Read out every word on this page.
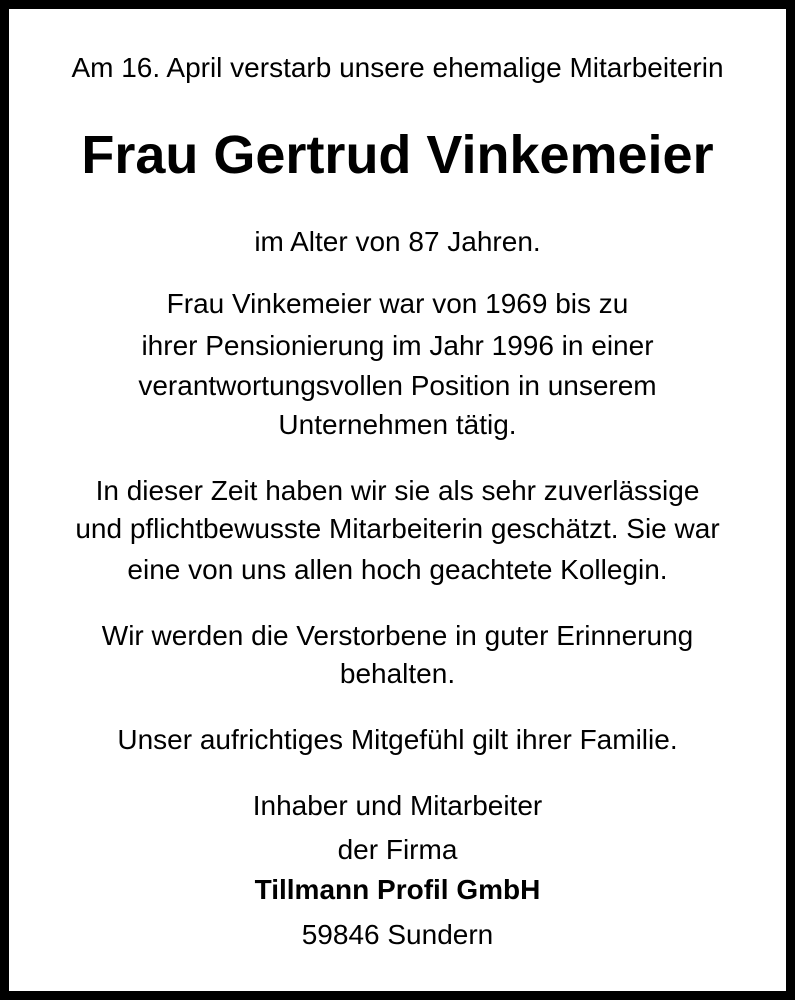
Am 16. April verstarb unsere ehemalige Mitarbeiterin
Frau Gertrud Vinkemeier
im Alter von 87 Jahren.
Frau Vinkemeier war von 1969 bis zu
ihrer Pensionierung im Jahr 1996 in einer
verantwortungsvollen Position in unserem
Unternehmen tätig.
In dieser Zeit haben wir sie als sehr zuverlässige
und pflichtbewusste Mitarbeiterin geschätzt. Sie war
eine von uns allen hoch geachtete Kollegin.
Wir werden die Verstorbene in guter Erinnerung
behalten.
Unser aufrichtiges Mitgefühl gilt ihrer Familie.
Inhaber und Mitarbeiter
der Firma
Tillmann Profil GmbH
59846 Sundern
